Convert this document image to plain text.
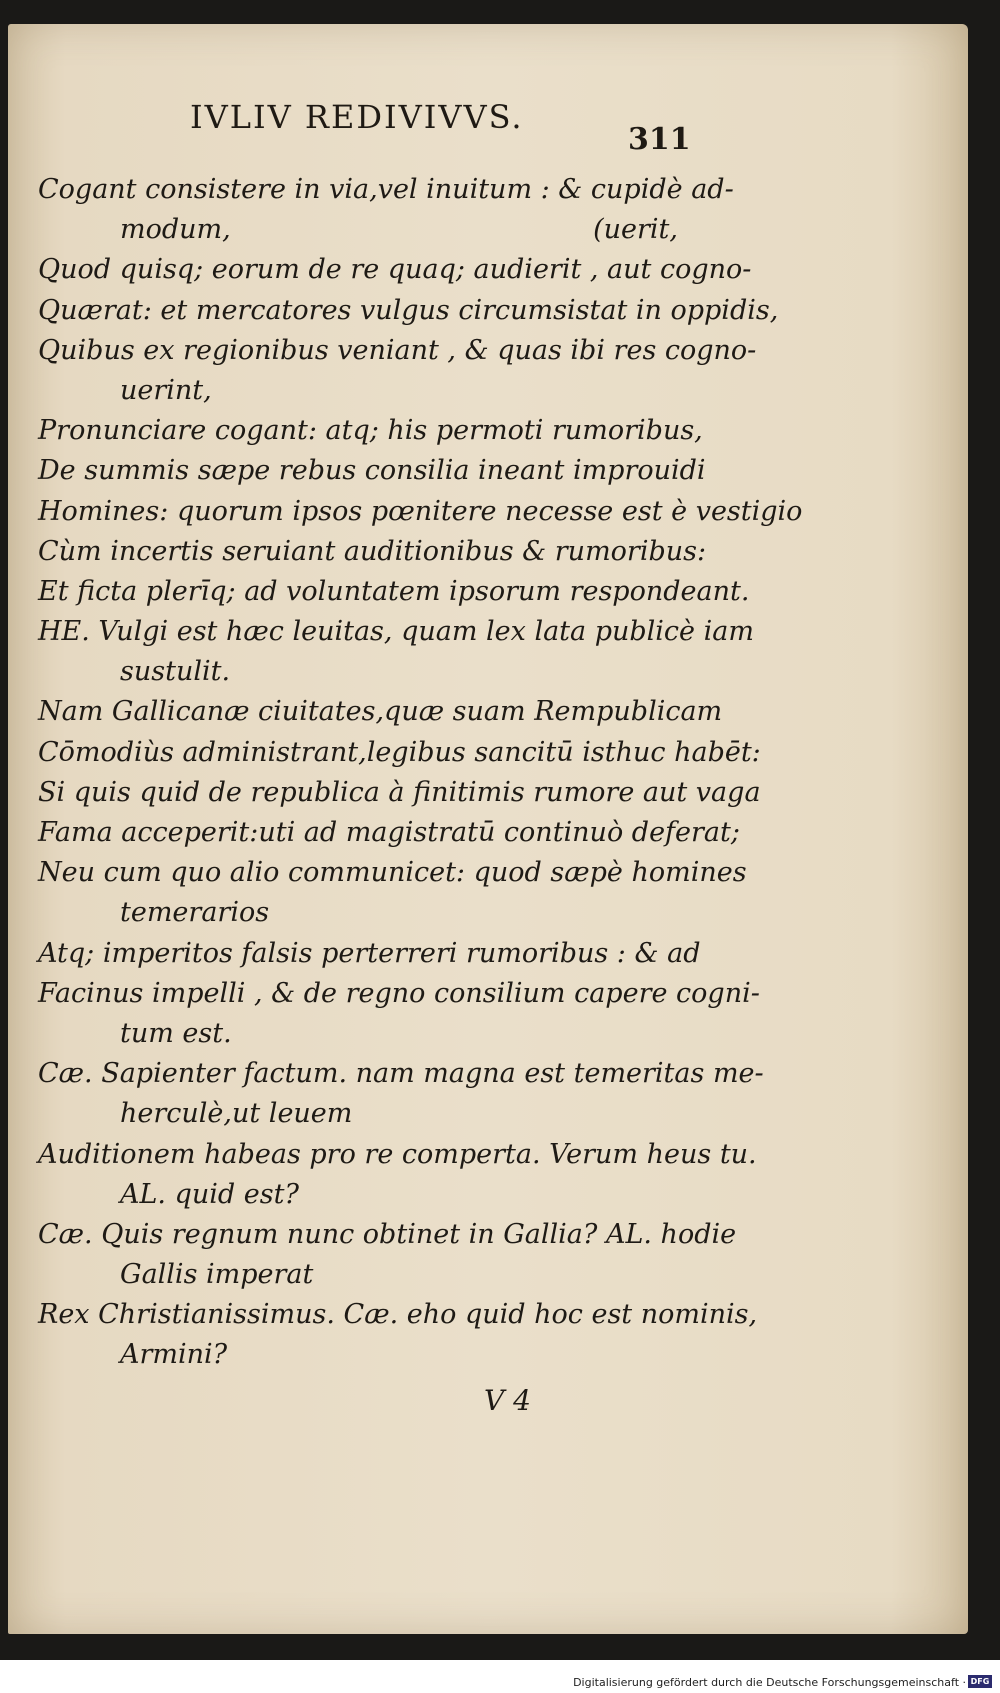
IVLIV REDIVIVVS.
311
Cogant consistere in via,vel inuitum : & cupidè ad-
modum,	(uerit,
Quod quisq; eorum de re quaq; audierit , aut cogno-
Quærat: et mercatores vulgus circumsistat in oppidis,
Quibus ex regionibus veniant , & quas ibi res cogno-
uerint,
Pronunciare cogant: atq; his permoti rumoribus,
De summis sæpe rebus consilia ineant improuidi
Homines: quorum ipsos pœnitere necesse est è vestigio
Cùm incertis seruiant auditionibus & rumoribus:
Et ficta plerīq; ad voluntatem ipsorum respondeant.
HE. Vulgi est hæc leuitas, quam lex lata publicè iam
sustulit.
Nam Gallicanæ ciuitates,quæ suam Rempublicam
Cōmodiùs administrant,legibus sancitū isthuc habēt:
Si quis quid de republica à finitimis rumore aut vaga
Fama acceperit:uti ad magistratū continuò deferat;
Neu cum quo alio communicet: quod sæpè homines
temerarios
Atq; imperitos falsis perterreri rumoribus : & ad
Facinus impelli , & de regno consilium capere cogni-
tum est.
Cæ. Sapienter factum. nam magna est temeritas me-
herculè,ut leuem
Auditionem habeas pro re comperta. Verum heus tu.
AL. quid est?
Cæ. Quis regnum nunc obtinet in Gallia? AL. hodie
Gallis imperat
Rex Christianissimus. Cæ. eho quid hoc est nominis,
Armini?
V 4
Digitalisierung gefördert durch die Deutsche Forschungsgemeinschaft · DFG
